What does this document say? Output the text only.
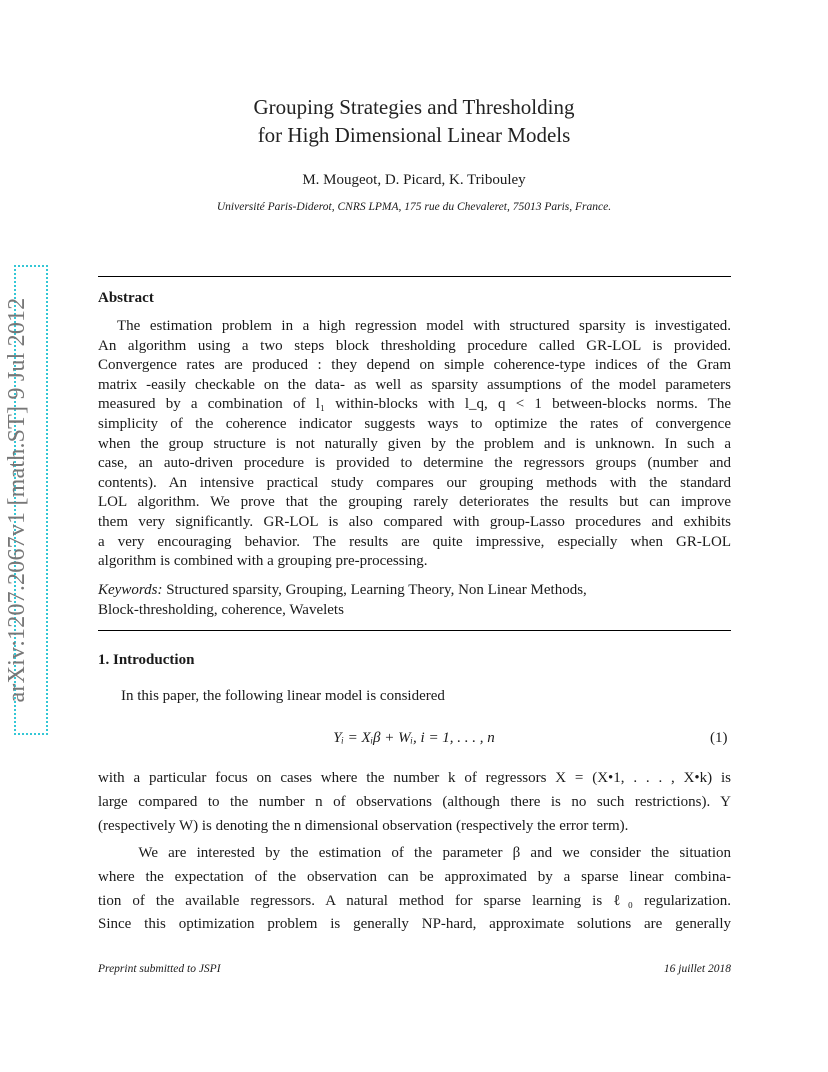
arXiv:1207.2067v1 [math.ST] 9 Jul 2012
Grouping Strategies and Thresholding
for High Dimensional Linear Models
M. Mougeot, D. Picard, K. Tribouley
Université Paris-Diderot, CNRS LPMA, 175 rue du Chevaleret, 75013 Paris, France.
Abstract
The estimation problem in a high regression model with structured sparsity is investigated.
An algorithm using a two steps block thresholding procedure called GR-LOL is provided.
Convergence rates are produced : they depend on simple coherence-type indices of the Gram
matrix -easily checkable on the data- as well as sparsity assumptions of the model parameters
measured by a combination of l₁ within-blocks with l_q, q < 1 between-blocks norms. The
simplicity of the coherence indicator suggests ways to optimize the rates of convergence
when the group structure is not naturally given by the problem and is unknown. In such a
case, an auto-driven procedure is provided to determine the regressors groups (number and
contents). An intensive practical study compares our grouping methods with the standard
LOL algorithm. We prove that the grouping rarely deteriorates the results but can improve
them very significantly. GR-LOL is also compared with group-Lasso procedures and exhibits
a very encouraging behavior. The results are quite impressive, especially when GR-LOL
algorithm is combined with a grouping pre-processing.
Keywords: Structured sparsity, Grouping, Learning Theory, Non Linear Methods,
Block-thresholding, coherence, Wavelets
1. Introduction
In this paper, the following linear model is considered
Yᵢ = Xᵢβ + Wᵢ, i = 1, . . . , n	(1)
with a particular focus on cases where the number k of regressors X = (X•1, . . . , X•k) is
large compared to the number n of observations (although there is no such restrictions). Y
(respectively W) is denoting the n dimensional observation (respectively the error term).
We are interested by the estimation of the parameter β and we consider the situation
where the expectation of the observation can be approximated by a sparse linear combina-
tion of the available regressors. A natural method for sparse learning is ℓ₀ regularization.
Since this optimization problem is generally NP-hard, approximate solutions are generally
Preprint submitted to JSPI	16 juillet 2018
